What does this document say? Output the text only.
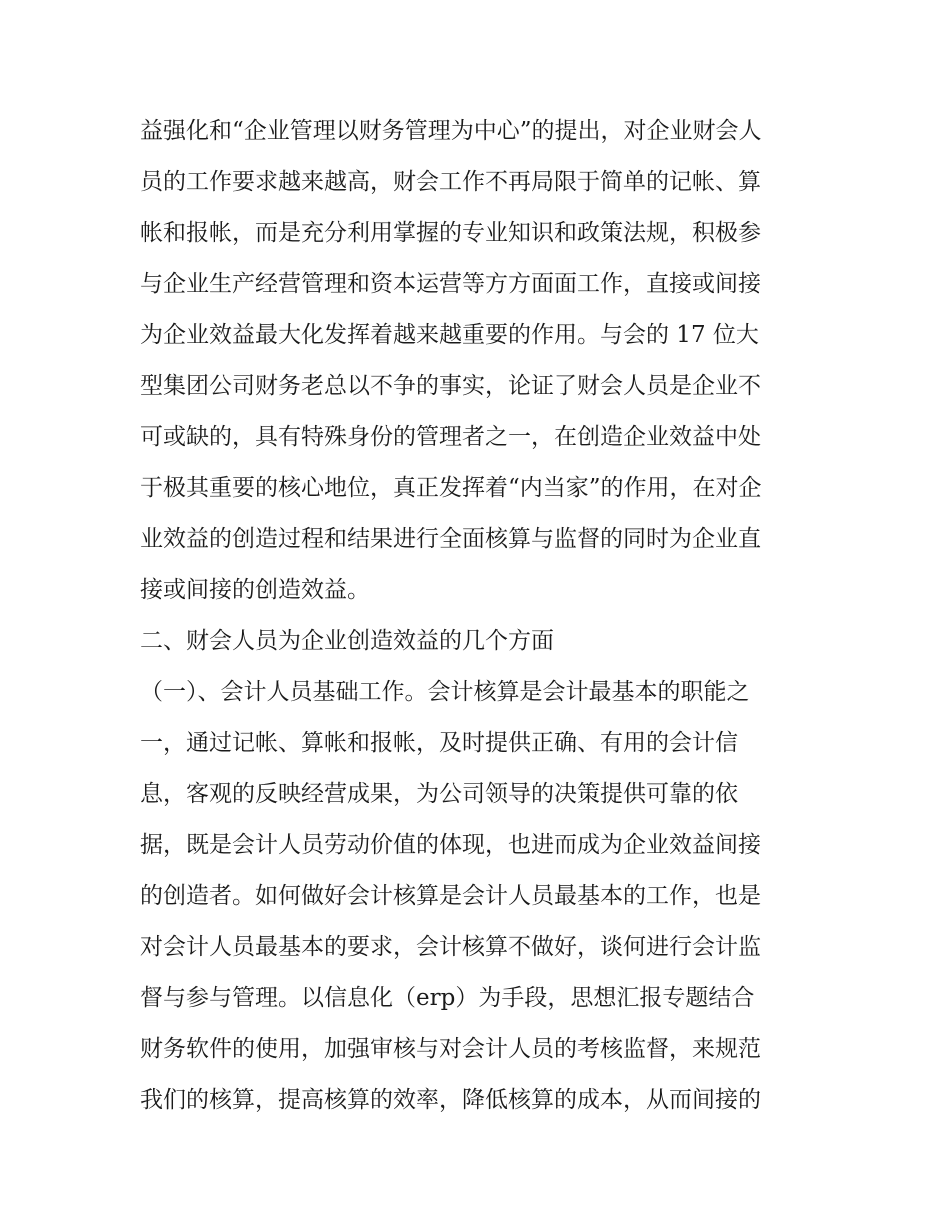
益强化和“企业管理以财务管理为中心”的提出，对企业财会人
员的工作要求越来越高，财会工作不再局限于简单的记帐、算
帐和报帐，而是充分利用掌握的专业知识和政策法规，积极参
与企业生产经营管理和资本运营等方方面面工作，直接或间接
为企业效益最大化发挥着越来越重要的作用。与会的 17 位大
型集团公司财务老总以不争的事实，论证了财会人员是企业不
可或缺的，具有特殊身份的管理者之一，在创造企业效益中处
于极其重要的核心地位，真正发挥着“内当家”的作用，在对企
业效益的创造过程和结果进行全面核算与监督的同时为企业直
接或间接的创造效益。
二、财会人员为企业创造效益的几个方面
（一）、会计人员基础工作。会计核算是会计最基本的职能之
一，通过记帐、算帐和报帐，及时提供正确、有用的会计信
息，客观的反映经营成果，为公司领导的决策提供可靠的依
据，既是会计人员劳动价值的体现，也进而成为企业效益间接
的创造者。如何做好会计核算是会计人员最基本的工作，也是
对会计人员最基本的要求，会计核算不做好，谈何进行会计监
督与参与管理。以信息化（erp）为手段，思想汇报专题结合
财务软件的使用，加强审核与对会计人员的考核监督，来规范
我们的核算，提高核算的效率，降低核算的成本，从而间接的
